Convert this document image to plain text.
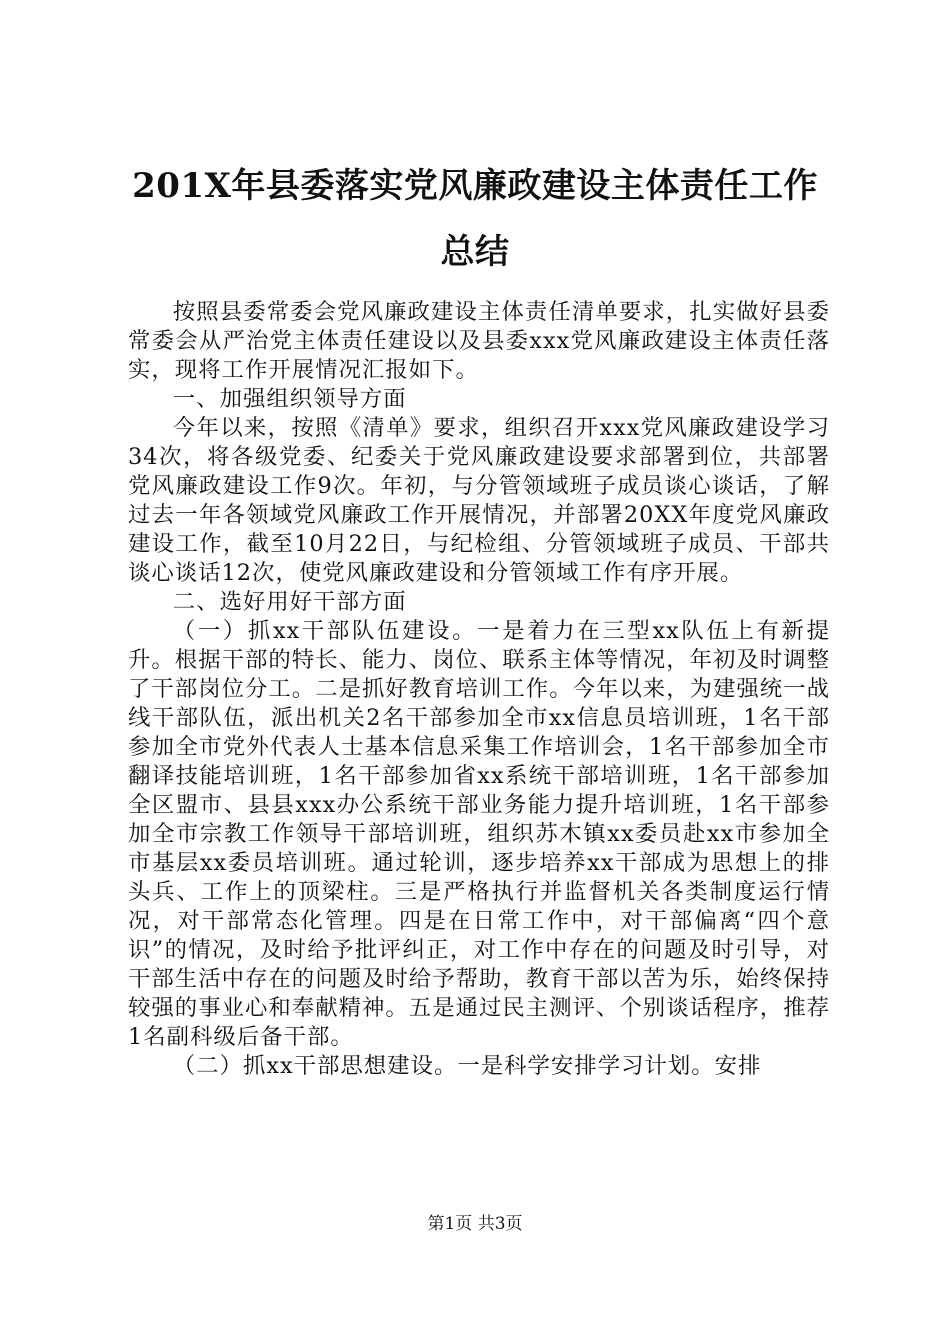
201X年县委落实党风廉政建设主体责任工作
总结

按照县委常委会党风廉政建设主体责任清单要求，扎实做好县委常委会从严治党主体责任建设以及县委xxx党风廉政建设主体责任落实，现将工作开展情况汇报如下。

一、加强组织领导方面

今年以来，按照《清单》要求，组织召开xxx党风廉政建设学习34次，将各级党委、纪委关于党风廉政建设要求部署到位，共部署党风廉政建设工作9次。年初，与分管领域班子成员谈心谈话，了解过去一年各领域党风廉政工作开展情况，并部署20XX年度党风廉政建设工作，截至10月22日，与纪检组、分管领域班子成员、干部共谈心谈话12次，使党风廉政建设和分管领域工作有序开展。

二、选好用好干部方面

（一）抓xx干部队伍建设。一是着力在三型xx队伍上有新提升。根据干部的特长、能力、岗位、联系主体等情况，年初及时调整了干部岗位分工。二是抓好教育培训工作。今年以来，为建强统一战线干部队伍，派出机关2名干部参加全市xx信息员培训班，1名干部参加全市党外代表人士基本信息采集工作培训会，1名干部参加全市翻译技能培训班，1名干部参加省xx系统干部培训班，1名干部参加全区盟市、县县xxx办公系统干部业务能力提升培训班，1名干部参加全市宗教工作领导干部培训班，组织苏木镇xx委员赴xx市参加全市基层xx委员培训班。通过轮训，逐步培养xx干部成为思想上的排头兵、工作上的顶梁柱。三是严格执行并监督机关各类制度运行情况，对干部常态化管理。四是在日常工作中，对干部偏离“四个意识”的情况，及时给予批评纠正，对工作中存在的问题及时引导，对干部生活中存在的问题及时给予帮助，教育干部以苦为乐，始终保持较强的事业心和奉献精神。五是通过民主测评、个别谈话程序，推荐1名副科级后备干部。

（二）抓xx干部思想建设。一是科学安排学习计划。安排

第1页 共3页
